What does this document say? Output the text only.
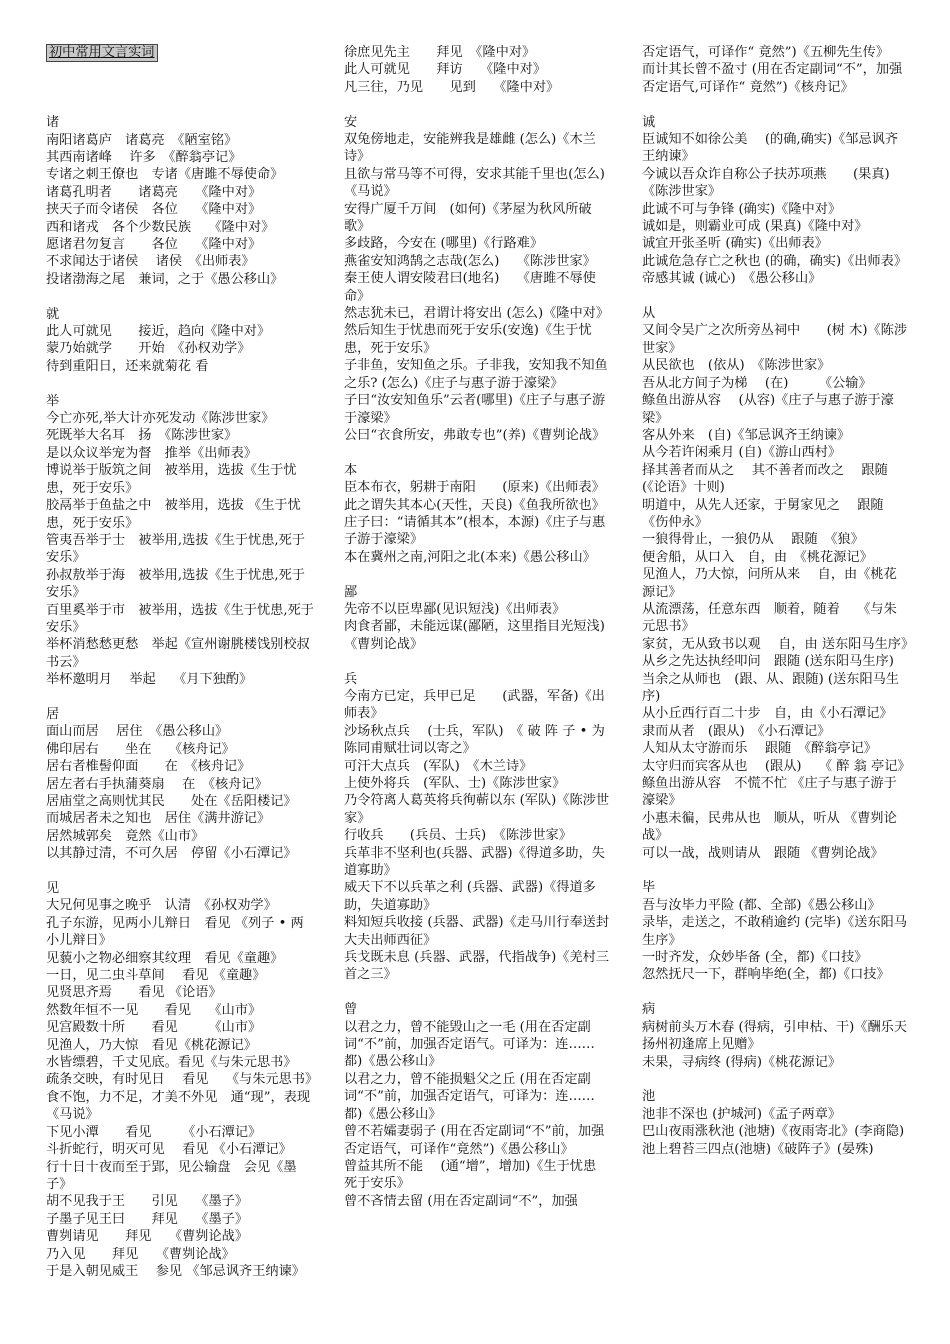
初中常用文言实词
诸
南阳诸葛庐　诸葛亮　《陋室铭》
其西南诸峰　 许多　《醉翁亭记》
专诸之刺王僚也　专诸《唐雎不辱使命》
诸葛孔明者　　诸葛亮　 《隆中对》
挟天子而令诸侯　各位　 《隆中对》
西和诸戎　各个少数民族　 《隆中对》
愿诸君勿复言　　各位　 《隆中对》
不求闻达于诸侯　 诸侯　《出师表》
投诸渤海之尾　兼词，之于《愚公移山》
就
此人可就见　　接近，趋向《隆中对》
蒙乃始就学　　开始　《孙权劝学》
待到重阳日，还来就菊花 看
举
今亡亦死,举大计亦死发动《陈涉世家》
死既举大名耳　扬　《陈涉世家》
是以众议举宠为督　推举《出师表》
博说举于版筑之间　被举用，选拔《生于忧患，死于安乐》
胶鬲举于鱼盐之中　被举用，选拔 《生于忧患，死于安乐》
管夷吾举于士　被举用,选拔《生于忧患,死于安乐》
孙叔敖举于海　被举用,选拔《生于忧患,死于安乐》
百里奚举于市　被举用，选拔《生于忧患,死于安乐》
举杯消愁愁更愁　举起《宣州谢朓楼饯别校叔书云》
举杯邀明月　 举起　 《月下独酌》
居
面山而居　 居住　《愚公移山》
佛印居右　　坐在　 《核舟记》
居右者椎髻仰面　　在　《核舟记》
居左者右手执蒲葵扇　 在　《核舟记》
居庙堂之高则忧其民　　处在《岳阳楼记》
而城居者未之知也　居住《满井游记》
居然城郭矣　竟然《山市》
以其静过清，不可久居　停留《小石潭记》
见
大兄何见事之晚乎　认清　《孙权劝学》
孔子东游，见两小儿辩日　看见 《列子 • 两小儿辩日》
见藐小之物必细察其纹理　看见《童趣》
一日，见二虫斗草间　 看见 《童趣》
见贤思齐焉　　看见 《论语》
然数年恒不一见　　看见　 《山市》
见宫殿数十所　　看见　　 《山市》
见渔人，乃大惊　看见《桃花源记》
水皆缥碧，千丈见底。看见《与朱元思书》
疏条交映，有时见日　 看见　 《与朱元思书》
食不饱，力不足，才美不外见　通“现”，表现《马说》
下见小潭　　看见　　 《小石潭记》
斗折蛇行，明灭可见　 看见 《小石潭记》
行十日十夜而至于郢，见公输盘　会见《墨子》
胡不见我于王　　引见　 《墨子》
子墨子见王曰　　拜见　 《墨子》
曹刿请见　　拜见　 《曹刿论战》
乃入见　　拜见　 《曹刿论战》
于是入朝见威王　 参见 《邹忌讽齐王纳谏》
徐庶见先主　　拜见　《隆中对》
此人可就见　　拜访　 《隆中对》
凡三往，乃见　　见到　 《隆中对》
安
双兔傍地走，安能辨我是雄雌 (怎么)《木兰诗》
且欲与常马等不可得，安求其能千里也(怎么)《马说》
安得广厦千万间　(如何)《茅屋为秋风所破歌》
多歧路，今安在 (哪里)《行路难》
燕雀安知鸿鹄之志哉(怎么)　 《陈涉世家》
秦王使人谓安陵君曰(地名)　 《唐雎不辱使命》
然志犹未已，君谓计将安出 (怎么)《隆中对》
然后知生于忧患而死于安乐(安逸)《生于忧患，死于安乐》
子非鱼，安知鱼之乐。子非我，安知我不知鱼之乐? (怎么)《庄子与惠子游于濠梁》
子曰“汝安知鱼乐”云者(哪里)《庄子与惠子游于濠梁》
公曰“衣食所安，弗敢专也”(养)《曹刿论战》
本
臣本布衣，躬耕于南阳　　(原来)《出师表》
此之谓失其本心(天性，天良)《鱼我所欲也》
庄子曰：“请循其本”(根本，本源)《庄子与惠子游于濠梁》
本在冀州之南,河阳之北(本来)《愚公移山》
鄙
先帝不以臣卑鄙(见识短浅)《出师表》
肉食者鄙，未能远谋(鄙陋，这里指目光短浅)《曹刿论战》
兵
今南方已定，兵甲已足　　(武器，军备)《出师表》
沙场秋点兵　 (士兵，军队)　《 破 阵 子 • 为陈同甫赋壮词以寄之》
可汗大点兵　(军队)　《木兰诗》
上使外将兵　(军队、士)《陈涉世家》
乃令符离人葛英将兵徇蕲以东 (军队)《陈涉世家》
行收兵　　(兵员、士兵)　《陈涉世家》
兵革非不坚利也(兵器、武器)《得道多助，失道寡助》
威天下不以兵革之利 (兵器、武器)《得道多助，失道寡助》
料知短兵收接 (兵器、武器)《走马川行奉送封大夫出师西征》
兵戈既未息 (兵器、武器，代指战争)《羌村三首之三》
曾
以君之力，曾不能毁山之一毛 (用在否定副词“不”前，加强否定语气。可译为：连……都)《愚公移山》
以君之力，曾不能损魁父之丘 (用在否定副词“不”前，加强否定语气，可译为：连……都)《愚公移山》
曾不若孀妻弱子 (用在否定副词“不”前，加强否定语气，可译作“竟然”)《愚公移山》
曾益其所不能　 (通“增”，增加)《生于忧患 死于安乐》
曾不吝情去留 (用在否定副词“不”，加强
否定语气，可译作“ 竟然”)《五柳先生传》
而计其长曾不盈寸 (用在否定副词“不”，加强否定语气,可译作“ 竟然”)《核舟记》
诚
臣诚知不如徐公美　 (的确,确实)《邹忌讽齐王纳谏》
今诚以吾众诈自称公子扶苏项燕　　(果真)《陈涉世家》
此诚不可与争锋 (确实)《隆中对》
诚如是，则霸业可成 (果真)《隆中对》
诚宜开张圣听 (确实)《出师表》
此诚危急存亡之秋也 (的确，确实)《出师表》
帝感其诚 (诚心)　《愚公移山》
从
又间令吴广之次所旁丛祠中　　(树 木)《陈涉世家》
从民欲也　(依从)　《陈涉世家》
吾从北方间子为梯　 (在)　　 《公输》
鲦鱼出游从容　 (从容)《庄子与惠子游于濠梁》
客从外来　(自)《邹忌讽齐王纳谏》
从今若许闲乘月 (自)《游山西村》
择其善者而从之　 其不善者而改之　 跟随 (《论语》十则)
明道中，从先人还家，于舅家见之　 跟随《伤仲永》
一狼得骨止，一狼仍从　 跟随　《狼》
便舍船，从口入　自，由　《桃花源记》
见渔人，乃大惊，问所从来　 自，由《桃花源记》
从流漂荡，任意东西　顺着，随着　 《与朱元思书》
家贫，无从致书以观　 自，由 送东阳马生序》
从乡之先达执经叩问　跟随 (送东阳马生序)
当余之从师也　(跟、从、跟随) (送东阳马生序)
从小丘西行百二十步　自，由《小石潭记》
隶而从者　(跟从)　《小石潭记》
人知从太守游而乐　 跟随　《醉翁亭记》
太守归而宾客从也　 (跟从)　 《 醉 翁 亭记》
鲦鱼出游从容　不慌不忙 《庄子与惠子游于濠梁》
小惠未徧，民弗从也　顺从，听从 《曹刿论战》
可以一战，战则请从　跟随 《曹刿论战》
毕
吾与汝毕力平险 (都、全部)《愚公移山》
录毕，走送之，不敢稍逾约 (完毕)《送东阳马生序》
一时齐发，众妙毕备 (全，都)《口技》
忽然抚尺一下，群响毕绝(全，都)《口技》
病
病树前头万木春 (得病，引申枯、干)《酬乐天扬州初逢席上见赠》
未果，寻病终 (得病)《桃花源记》
池
池非不深也 (护城河)《孟子两章》
巴山夜雨涨秋池 (池塘)《夜雨寄北》(李商隐)
池上碧苔三四点(池塘)《破阵子》(晏殊)
